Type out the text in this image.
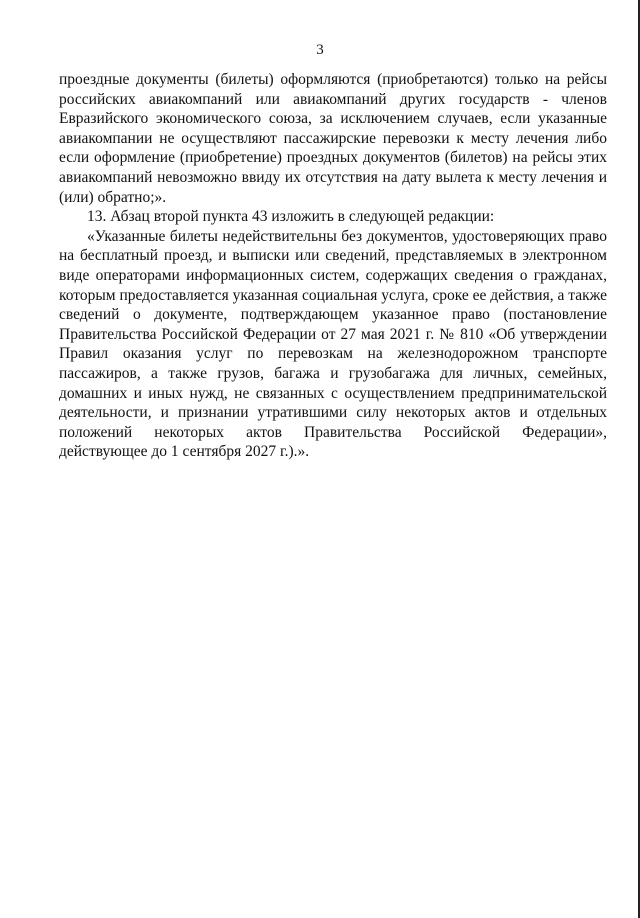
3

проездные документы (билеты) оформляются (приобретаются) только на рейсы российских авиакомпаний или авиакомпаний других государств - членов Евразийского экономического союза, за исключением случаев, если указанные авиакомпании не осуществляют пассажирские перевозки к месту лечения либо если оформление (приобретение) проездных документов (билетов) на рейсы этих авиакомпаний невозможно ввиду их отсутствия на дату вылета к месту лечения и (или) обратно;».

13. Абзац второй пункта 43 изложить в следующей редакции:

«Указанные билеты недействительны без документов, удостоверяющих право на бесплатный проезд, и выписки или сведений, представляемых в электронном виде операторами информационных систем, содержащих сведения о гражданах, которым предоставляется указанная социальная услуга, сроке ее действия, а также сведений о документе, подтверждающем указанное право (постановление Правительства Российской Федерации от 27 мая 2021 г. № 810 «Об утверждении Правил оказания услуг по перевозкам на железнодорожном транспорте пассажиров, а также грузов, багажа и грузобагажа для личных, семейных, домашних и иных нужд, не связанных с осуществлением предпринимательской деятельности, и признании утратившими силу некоторых актов и отдельных положений некоторых актов Правительства Российской Федерации», действующее до 1 сентября 2027 г.).».
